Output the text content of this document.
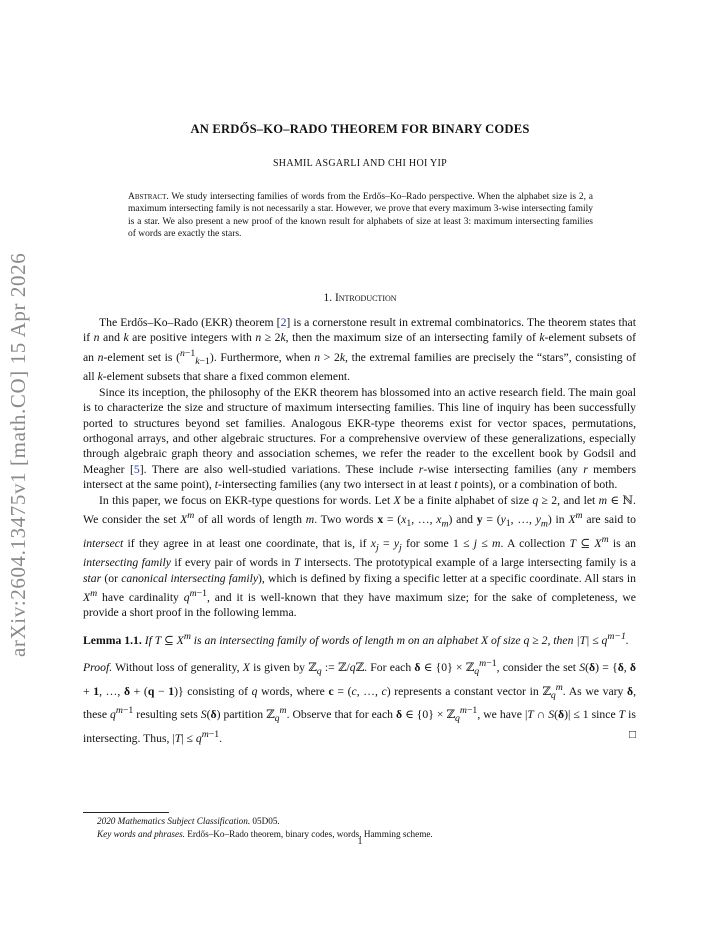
arXiv:2604.13475v1 [math.CO] 15 Apr 2026
AN ERDŐS–KO–RADO THEOREM FOR BINARY CODES
SHAMIL ASGARLI AND CHI HOI YIP
Abstract. We study intersecting families of words from the Erdős–Ko–Rado perspective. When the alphabet size is 2, a maximum intersecting family is not necessarily a star. However, we prove that every maximum 3-wise intersecting family is a star. We also present a new proof of the known result for alphabets of size at least 3: maximum intersecting families of words are exactly the stars.
1. Introduction

The Erdős–Ko–Rado (EKR) theorem [2] is a cornerstone result in extremal combinatorics. The theorem states that if n and k are positive integers with n ≥ 2k, then the maximum size of an intersecting family of k-element subsets of an n-element set is ($^{n-1}_{k-1}$). Furthermore, when n > 2k, the extremal families are precisely the “stars”, consisting of all k-element subsets that share a fixed common element.

Since its inception, the philosophy of the EKR theorem has blossomed into an active research field. The main goal is to characterize the size and structure of maximum intersecting families. This line of inquiry has been successfully ported to structures beyond set families. Analogous EKR-type theorems exist for vector spaces, permutations, orthogonal arrays, and other algebraic structures. For a comprehensive overview of these generalizations, especially through algebraic graph theory and association schemes, we refer the reader to the excellent book by Godsil and Meagher [5]. There are also well-studied variations. These include r-wise intersecting families (any r members intersect at the same point), t-intersecting families (any two intersect in at least t points), or a combination of both.

In this paper, we focus on EKR-type questions for words. Let X be a finite alphabet of size q ≥ 2, and let m ∈ ℕ. We consider the set $X^m$ of all words of length m. Two words $x = (x_1$, …, $x_m$) and $y = (y_1$, …, $y_m$) in $X^m$ are said to intersect if they agree in at least one coordinate, that is, if $x_j = y_j$ for some 1 ≤ j ≤ m. A collection T ⊆ $X^m$ is an intersecting family if every pair of words in T intersects. The prototypical example of a large intersecting family is a star (or canonical intersecting family), which is defined by fixing a specific letter at a specific coordinate. All stars in $X^m$ have cardinality $q^{m-1}$, and it is well-known that they have maximum size; for the sake of completeness, we provide a short proof in the following lemma.

Lemma 1.1. If T ⊆ $X^m$ is an intersecting family of words of length m on an alphabet X of size q ≥ 2, then $|T| \le q^{m-1}$.

Proof. Without loss of generality, X is given by ℤ$_q$ := ℤ/qℤ. For each δ ∈ {0} × ℤ$_q^{m-1}$, consider the set S(δ) = {δ, δ + 1, …, δ + (q − 1)} consisting of q words, where c = (c, …, c) represents a constant vector in ℤ$_q^m$. As we vary δ, these $q^{m-1}$ resulting sets S(δ) partition ℤ$_q^m$. Observe that for each δ ∈ {0} × ℤ$_q^{m-1}$, we have |T ∩ S(δ)| ≤ 1 since T is intersecting. Thus, $|T| \le q^{m-1}$.	□

2020 Mathematics Subject Classification. 05D05.
Key words and phrases. Erdős–Ko–Rado theorem, binary codes, words, Hamming scheme.
1
